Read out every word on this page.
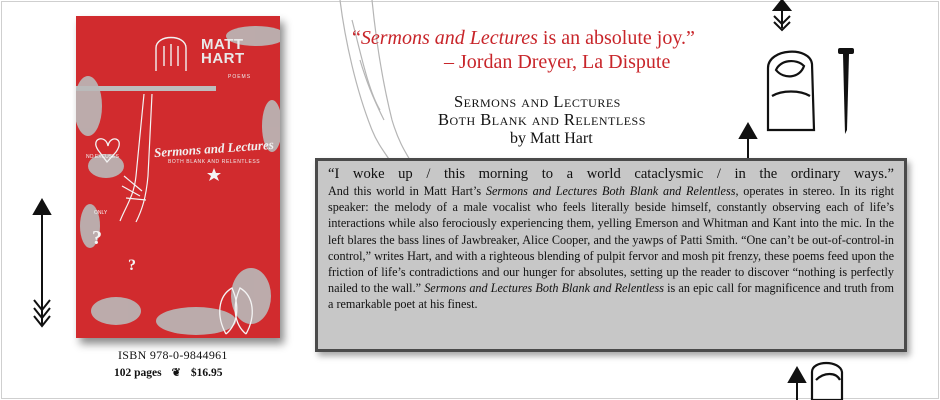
?
?
NO EXCUSES
ONLY
MATT
HART
POEMS
Sermons and Lectures
BOTH BLANK AND RELENTLESS
ISBN 978-0-9844961
102 pages ❦ $16.95
“Sermons and Lectures is an absolute joy.”
– Jordan Dreyer, La Dispute
Sermons and Lectures
Both Blank and Relentless
by Matt Hart
“I woke up / this morning to a world cataclysmic / in the ordinary ways.”
And this world in Matt Hart’s Sermons and Lectures Both Blank and Relentless, operates in stereo. In its right speaker: the melody of a male vocalist who feels literally beside himself, constantly observing each of life’s interactions while also ferociously experiencing them, yelling Emerson and Whitman and Kant into the mic. In the left blares the bass lines of Jawbreaker, Alice Cooper, and the yawps of Patti Smith. “One can’t be out-of-control-in control,” writes Hart, and with a righteous blending of pulpit fervor and mosh pit frenzy, these poems feed upon the friction of life’s contradictions and our hunger for absolutes, setting up the reader to discover “nothing is perfectly nailed to the wall.” Sermons and Lectures Both Blank and Relentless is an epic call for magnificence and truth from a remarkable poet at his finest.
